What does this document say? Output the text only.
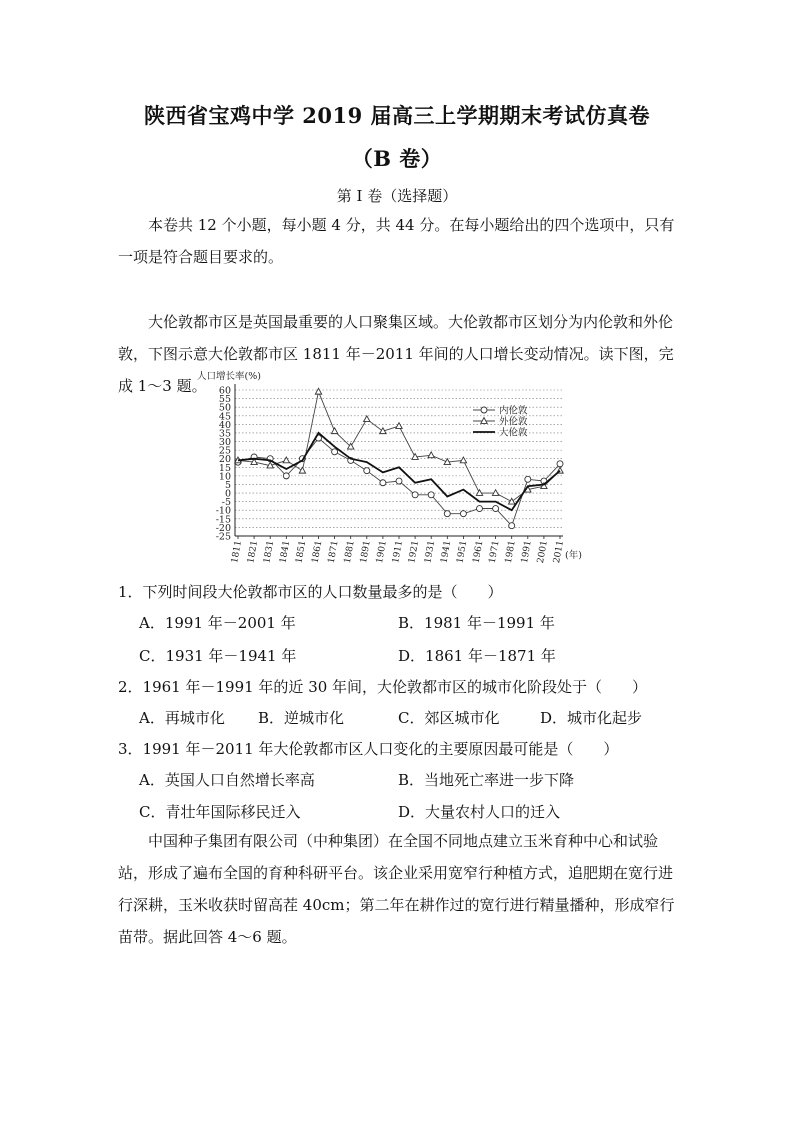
陕西省宝鸡中学 2019 届高三上学期期末考试仿真卷
（B 卷）
第 I 卷（选择题）

本卷共 12 个小题，每小题 4 分，共 44 分。在每小题给出的四个选项中，只有一项是符合题目要求的。

大伦敦都市区是英国最重要的人口聚集区域。大伦敦都市区划分为内伦敦和外伦敦，下图示意大伦敦都市区 1811 年－2011 年间的人口增长变动情况。读下图，完成 1～3 题。	60
55
50
45
40
35
30
25
20
15
10
5
0
-5
-10
-15
-20
-25
人口增长率(%)
1811 1821 1831 1841 1851 1861 1871 1881 1891 1901 1911 1921 1931 1941 1951 1961 1971 1981 1991 2001 2011 (年)
内伦敦
外伦敦
大伦敦
1．下列时间段大伦敦都市区的人口数量最多的是（　　）
A．1991 年－2001 年	B．1981 年－1991 年
C．1931 年－1941 年	D．1861 年－1871 年
2．1961 年－1991 年的近 30 年间，大伦敦都市区的城市化阶段处于（　　）
A．再城市化 B．逆城市化	C．郊区城市化	D．城市化起步
3．1991 年－2011 年大伦敦都市区人口变化的主要原因最可能是（　　）
A．英国人口自然增长率高	B．当地死亡率进一步下降
C．青壮年国际移民迁入	D．大量农村人口的迁入

中国种子集团有限公司（中种集团）在全国不同地点建立玉米育种中心和试验站，形成了遍布全国的育种科研平台。该企业采用宽窄行种植方式，追肥期在宽行进行深耕，玉米收获时留高茬 40cm；第二年在耕作过的宽行进行精量播种，形成窄行苗带。据此回答 4～6 题。
